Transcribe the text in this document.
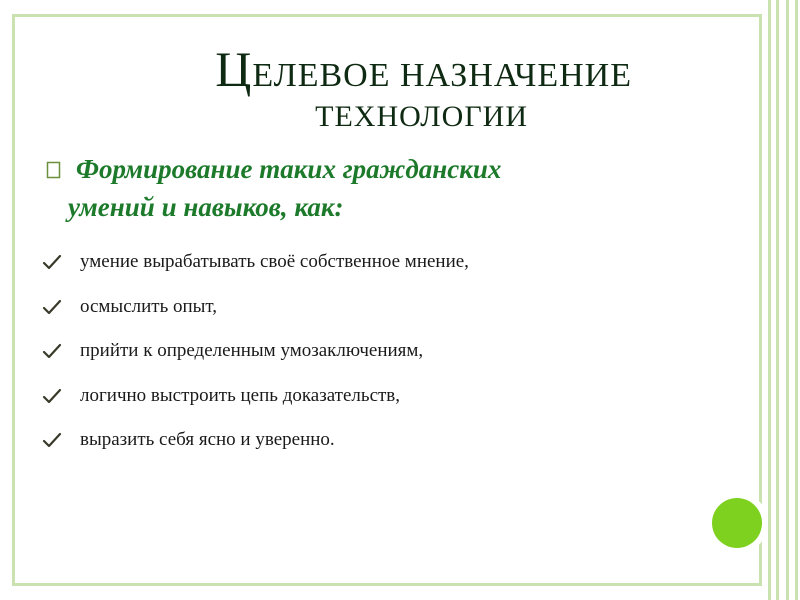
ЦЕЛЕВОЕ НАЗНАЧЕНИЕ
ТЕХНОЛОГИИ
Формирование таких гражданских
умений и навыков, как:
умение вырабатывать своё собственное мнение,
осмыслить опыт,
прийти к определенным умозаключениям,
логично выстроить цепь доказательств,
выразить себя ясно и уверенно.
